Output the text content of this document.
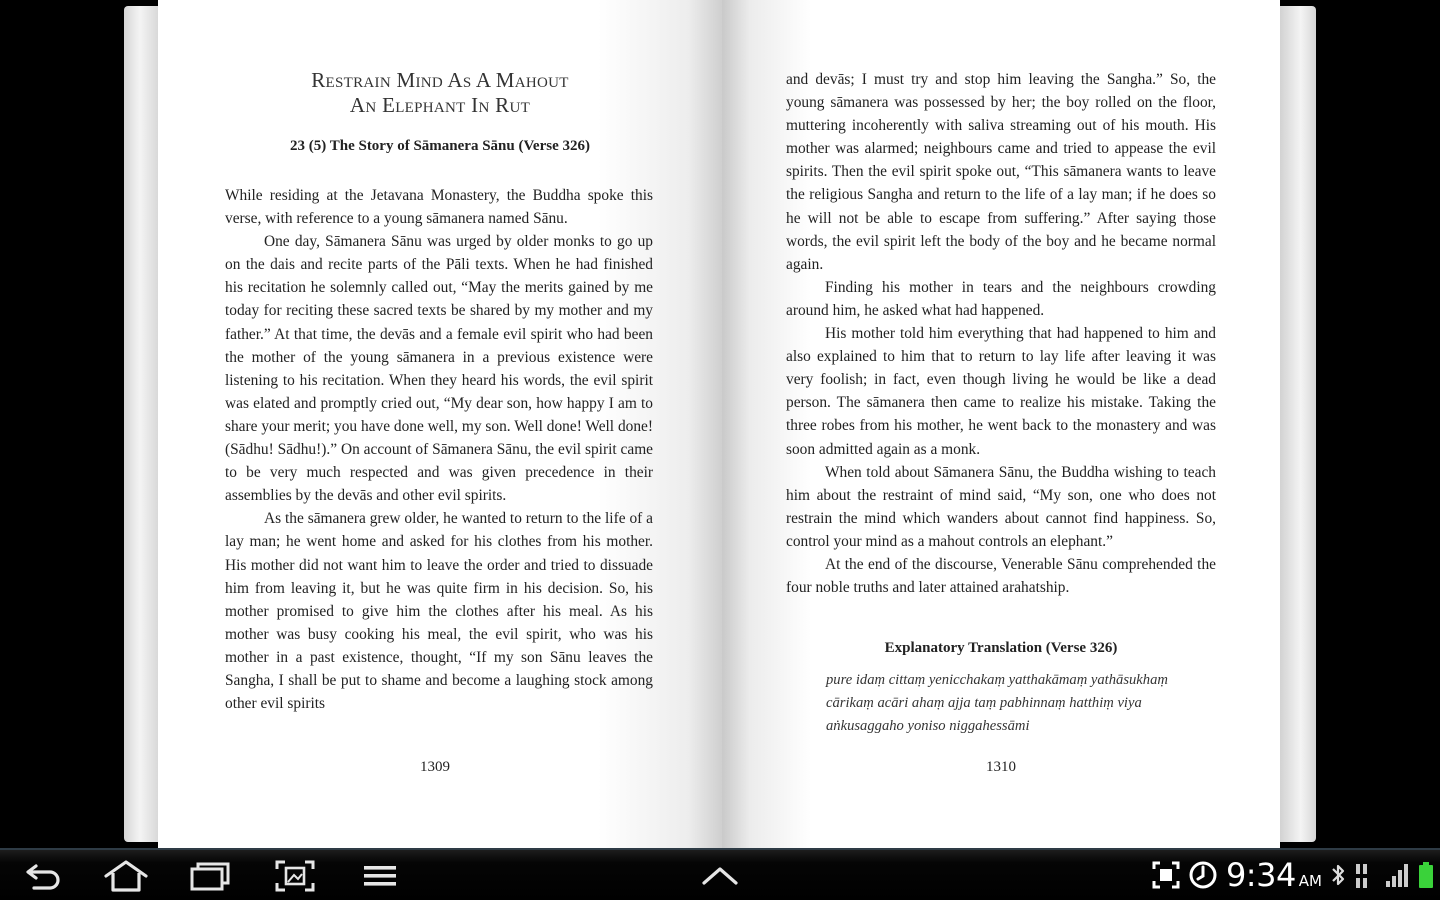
Restrain Mind As A Mahout
An Elephant In Rut
23 (5) The Story of Sāmanera Sānu (Verse 326)

While residing at the Jetavana Monastery, the Buddha spoke this verse, with reference to a young sāmanera named Sānu.

One day, Sāmanera Sānu was urged by older monks to go up on the dais and recite parts of the Pāli texts. When he had finished his recitation he solemnly called out, “May the merits gained by me today for reciting these sacred texts be shared by my mother and my father.” At that time, the devās and a female evil spirit who had been the mother of the young sāmanera in a previous existence were listening to his recitation. When they heard his words, the evil spirit was elated and promptly cried out, “My dear son, how happy I am to share your merit; you have done well, my son. Well done! Well done! (Sādhu! Sādhu!).” On account of Sāmanera Sānu, the evil spirit came to be very much respected and was given precedence in their assemblies by the devās and other evil spirits.

As the sāmanera grew older, he wanted to return to the life of a lay man; he went home and asked for his clothes from his mother. His mother did not want him to leave the order and tried to dissuade him from leaving it, but he was quite firm in his decision. So, his mother promised to give him the clothes after his meal. As his mother was busy cooking his meal, the evil spirit, who was his mother in a past existence, thought, “If my son Sānu leaves the Sangha, I shall be put to shame and become a laughing stock among other evil spirits

1309

and devās; I must try and stop him leaving the Sangha.” So, the young sāmanera was possessed by her; the boy rolled on the floor, muttering incoherently with saliva streaming out of his mouth. His mother was alarmed; neighbours came and tried to appease the evil spirits. Then the evil spirit spoke out, “This sāmanera wants to leave the religious Sangha and return to the life of a lay man; if he does so he will not be able to escape from suffering.” After saying those words, the evil spirit left the body of the boy and he became normal again.

Finding his mother in tears and the neighbours crowding around him, he asked what had happened.

His mother told him everything that had happened to him and also explained to him that to return to lay life after leaving it was very foolish; in fact, even though living he would be like a dead person. The sāmanera then came to realize his mistake. Taking the three robes from his mother, he went back to the monastery and was soon admitted again as a monk.

When told about Sāmanera Sānu, the Buddha wishing to teach him about the restraint of mind said, “My son, one who does not restrain the mind which wanders about cannot find happiness. So, control your mind as a mahout controls an elephant.”

At the end of the discourse, Venerable Sānu comprehended the four noble truths and later attained arahatship.

Explanatory Translation (Verse 326)
pure idaṃ cittaṃ yenicchakaṃ yatthakāmaṃ yathāsukhaṃ
cārikaṃ acāri ahaṃ ajja taṃ pabhinnaṃ hatthiṃ viya
aṅkusaggaho yoniso niggahessāmi
1310
9:34 AM
